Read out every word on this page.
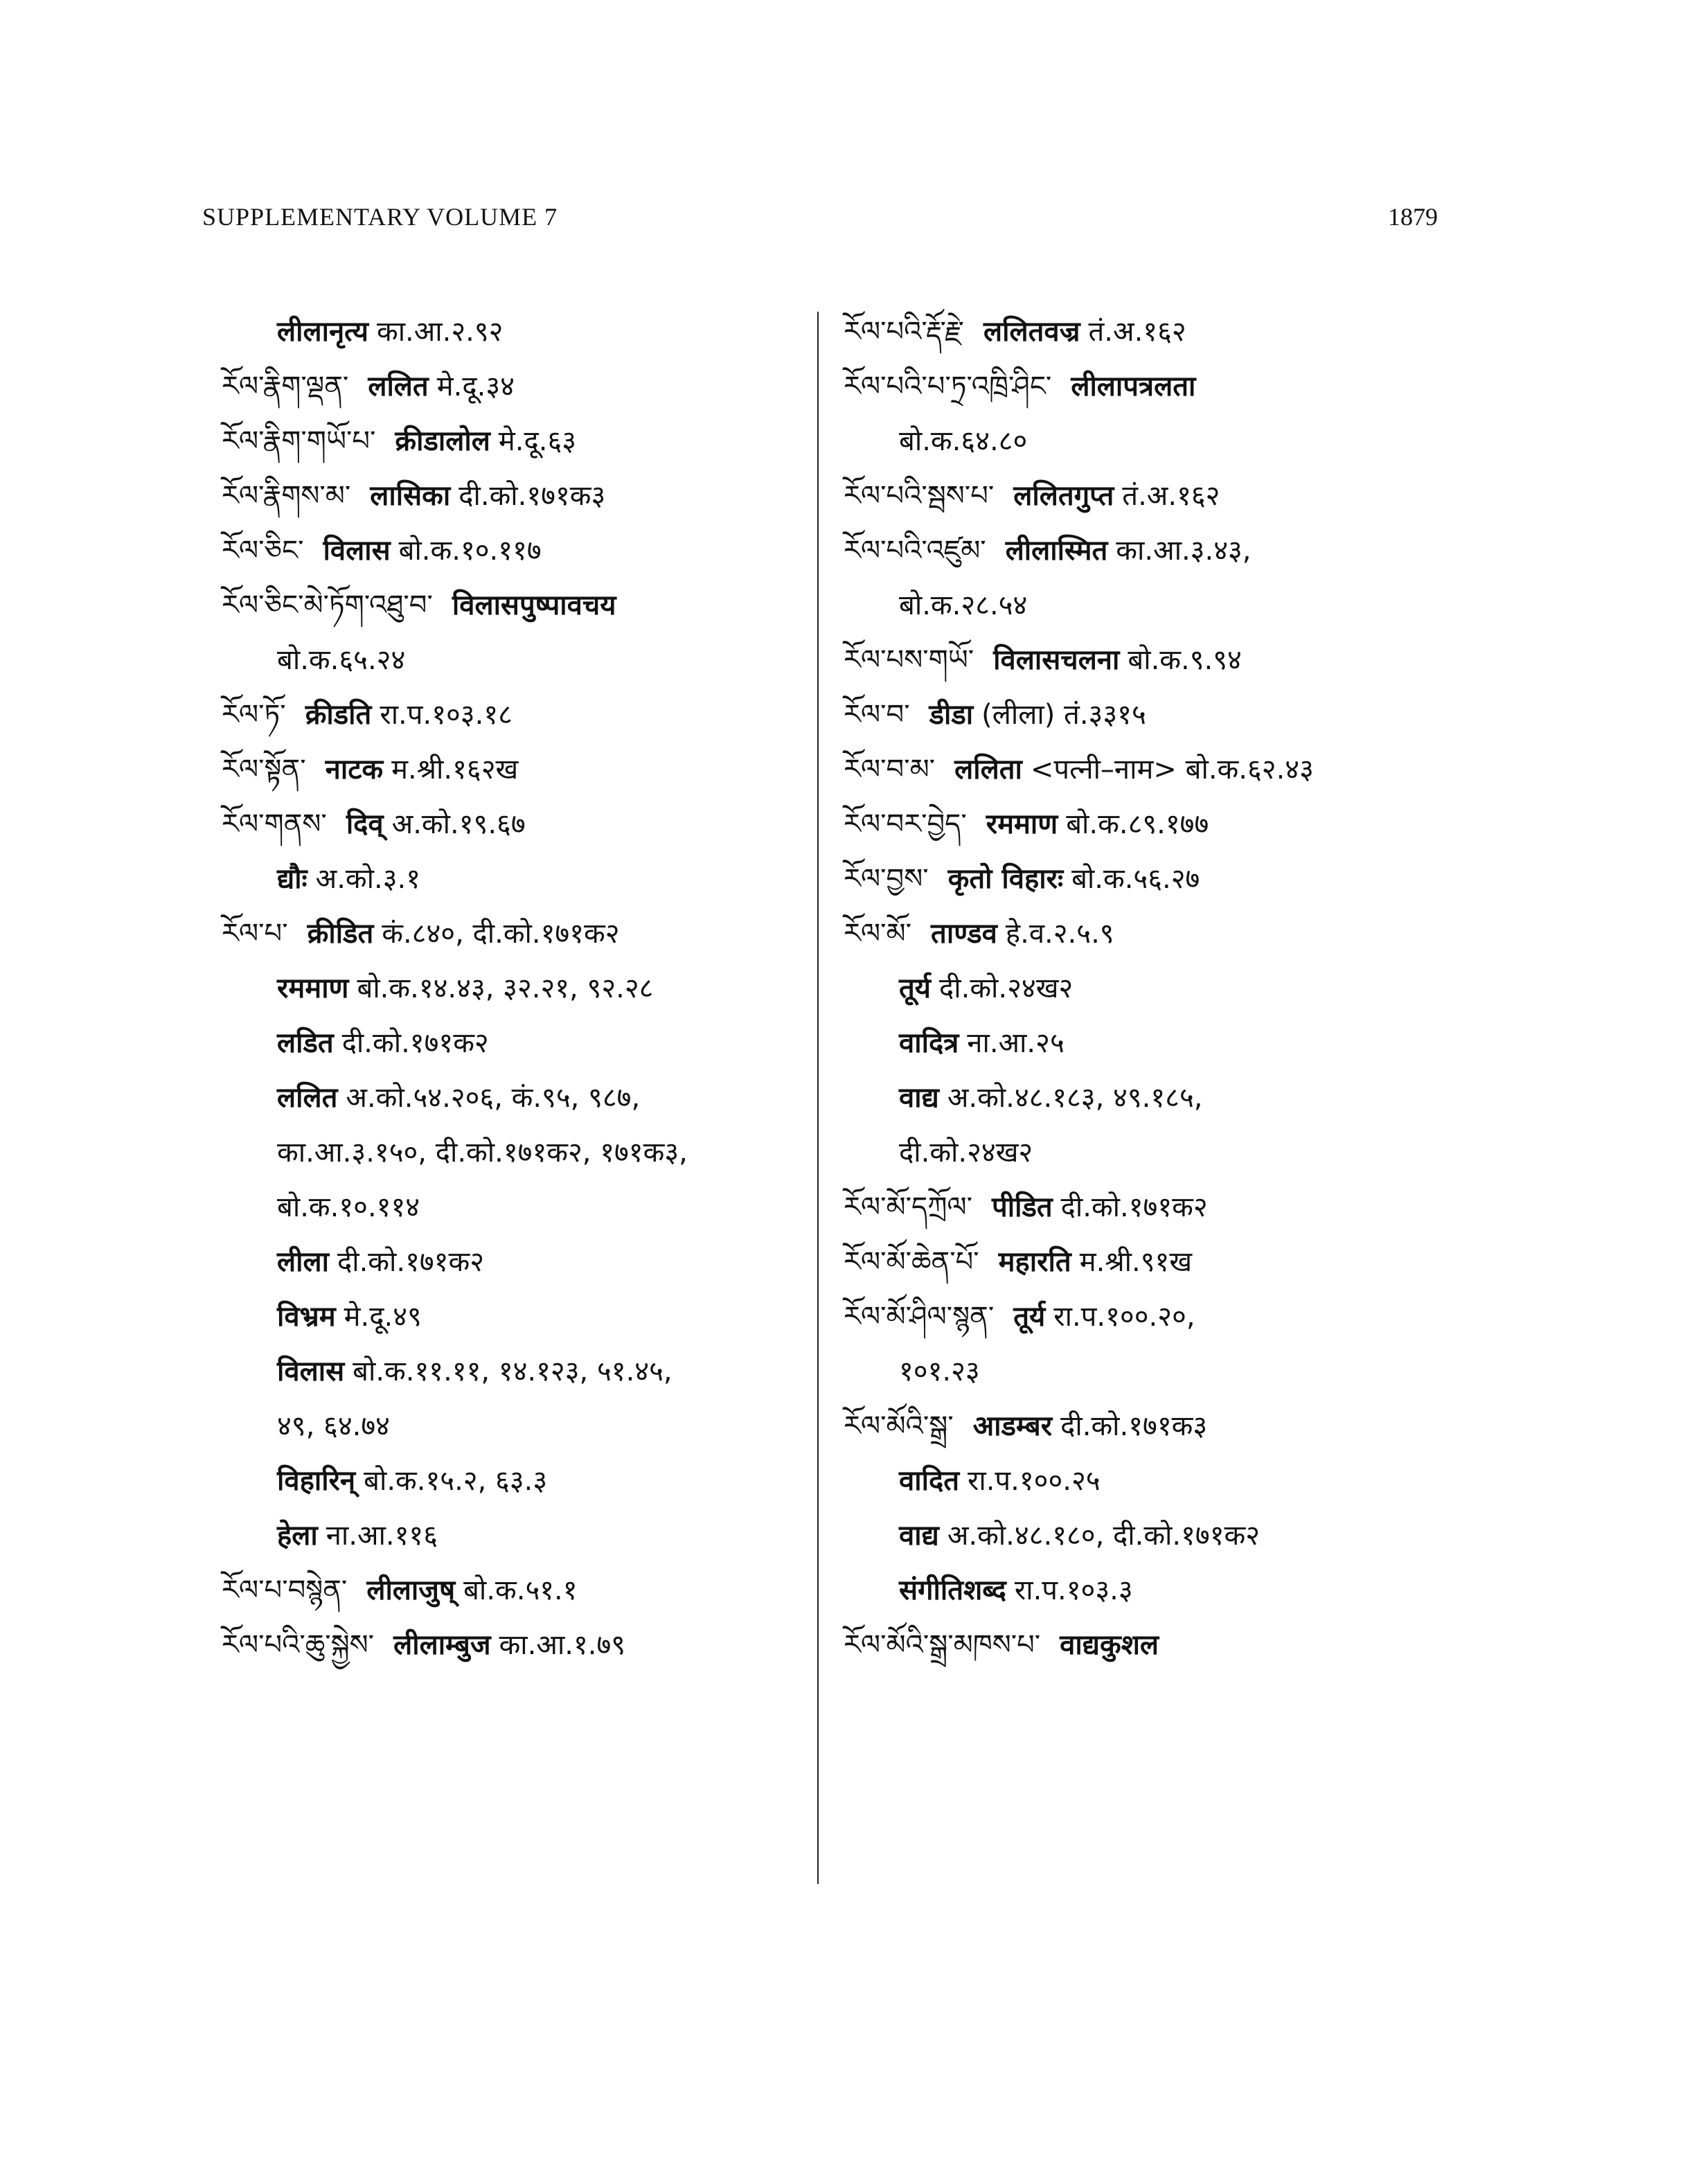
SUPPLEMENTARY VOLUME 7	1879
लीलानृत्य का.आ.२.९२
རོལ་རྣིག་ལྡན་ ललित मे.दू.३४
རོལ་རྣིག་གཡོ་པ་ क्रीडालोल मे.दू.६३
རོལ་རྣིགས་མ་ लासिका दी.को.१७१क३
རོལ་ཅིང་ विलास बो.क.१०.११७
རོལ་ཅིང་མེ་ཏོག་འཐུ་བ་ विलासपुष्पावचय
बो.क.६५.२४
རོལ་ཏོ་ क्रीडति रा.प.१०३.१८
རོལ་སྟོན་ नाटक म.श्री.१६२ख
རོལ་གནས་ दिव् अ.को.१९.६७
द्यौः अ.को.३.१
རོལ་པ་ क्रीडित कं.८४०, दी.को.१७१क२
रममाण बो.क.१४.४३, ३२.२१, ९२.२८
लडित दी.को.१७१क२
ललित अ.को.५४.२०६, कं.९५, ९८७,
का.आ.३.१५०, दी.को.१७१क२, १७१क३,
बो.क.१०.११४
लीला दी.को.१७१क२
विभ्रम मे.दू.४९
विलास बो.क.११.११, १४.१२३, ५१.४५,
४९, ६४.७४
विहारिन् बो.क.१५.२, ६३.३
हेला ना.आ.११६
རོལ་པ་བསྙེན་ लीलाजुष् बो.क.५१.१
རོལ་པའི་ཆུ་སྐྱེས་ लीलाम्बुज का.आ.१.७९
རོལ་པའི་རྡོ་རྗེ་ ललितवज्र तं.अ.१६२
རོལ་པའི་པ་ཏྲ་འཁྲི་ཤིང་ लीलापत्रलता
बो.क.६४.८०
རོལ་པའི་སྦས་པ་ ललितगुप्त तं.अ.१६२
རོལ་པའི་འཛུམ་ लीलास्मित का.आ.३.४३,
बो.क.२८.५४
རོལ་པས་གཡོ་ विलासचलना बो.क.९.९४
རོལ་བ་ डीडा (लीला) तं.३३१५
རོལ་བ་མ་ ललिता <पत्नी–नाम> बो.क.६२.४३
རོལ་བར་བྱེད་ रममाण बो.क.८९.१७७
རོལ་བྱས་ कृतो विहारः बो.क.५६.२७
རོལ་མོ་ ताण्डव हे.व.२.५.९
तूर्य दी.को.२४ख२
वादित्र ना.आ.२५
वाद्य अ.को.४८.१८३, ४९.१८५,
दी.को.२४ख२
རོལ་མོ་དཀྲོལ་ पीडित दी.को.१७१क२
རོལ་མོ་ཆེན་པོ་ महारति म.श्री.९१ख
རོལ་མོ་ཤིལ་སྙན་ तूर्य रा.प.१००.२०,
१०१.२३
རོལ་མོའི་སྒྲ་ आडम्बर दी.को.१७१क३
वादित रा.प.१००.२५
वाद्य अ.को.४८.१८०, दी.को.१७१क२
संगीतिशब्द रा.प.१०३.३
རོལ་མོའི་སྒྲ་མཁས་པ་ वाद्यकुशल
